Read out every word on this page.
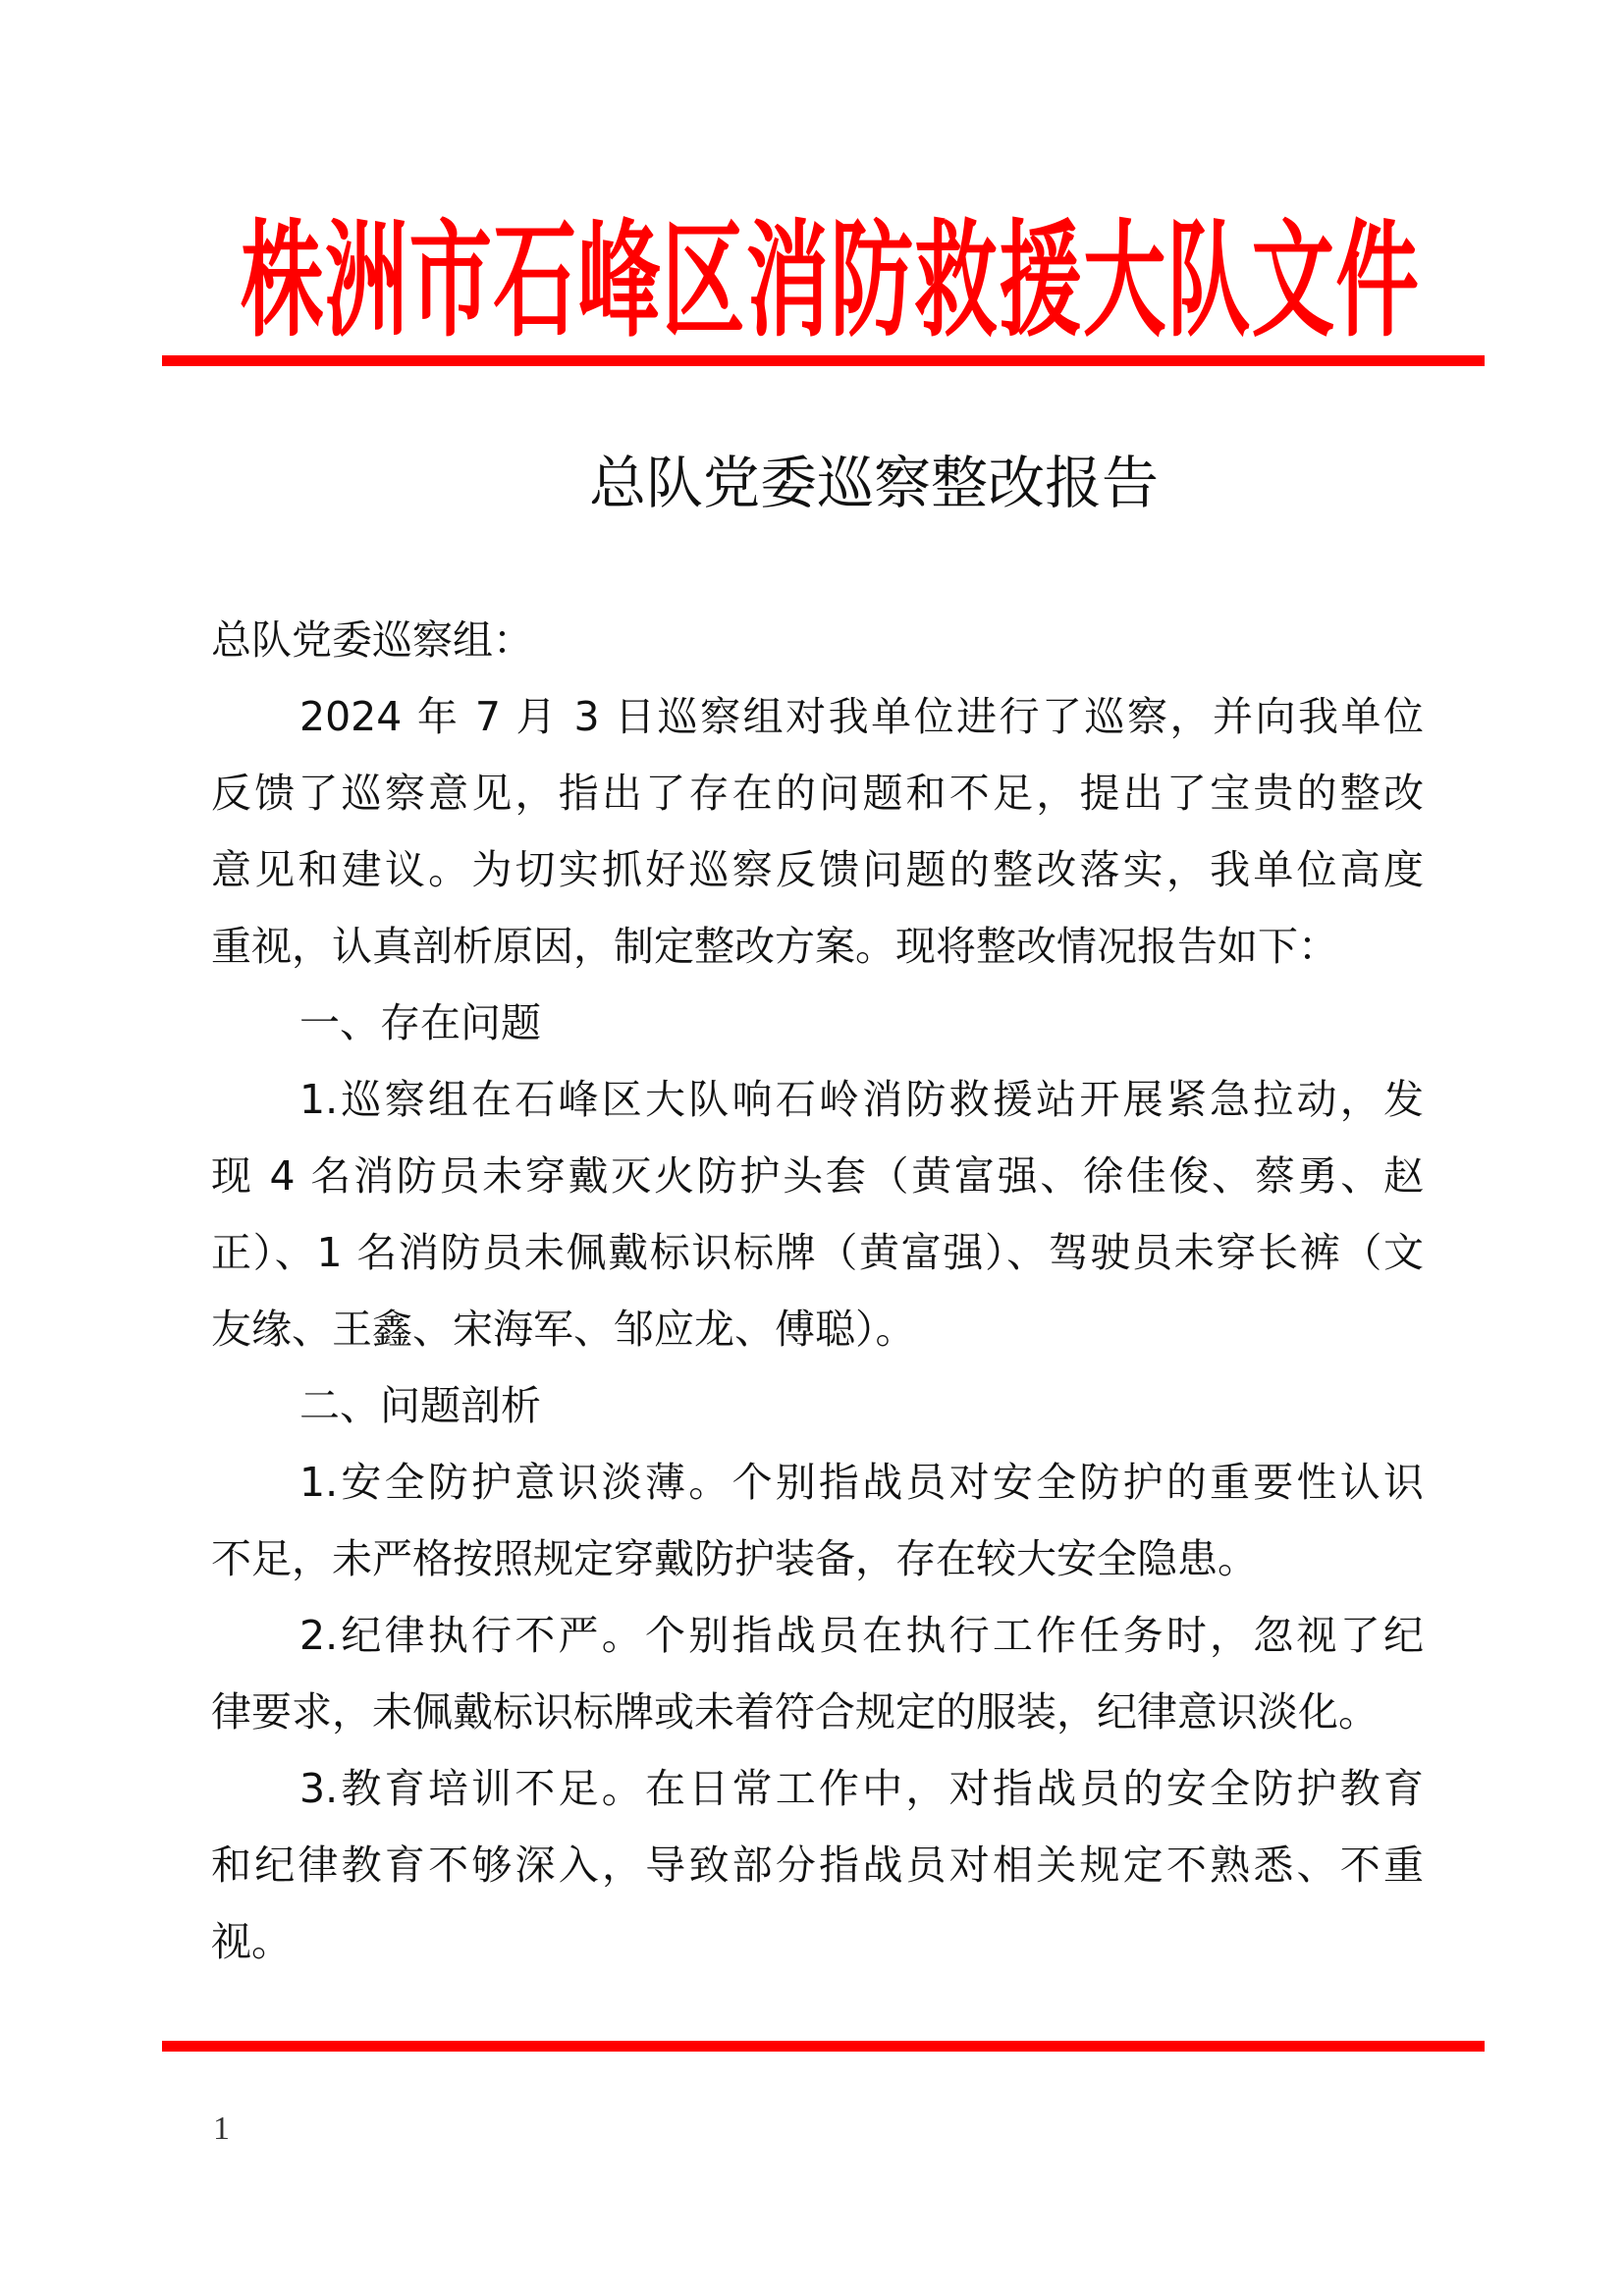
株洲市石峰区消防救援大队文件
总队党委巡察整改报告
总队党委巡察组：
2024 年 7 月 3 日巡察组对我单位进行了巡察，并向我单位
反馈了巡察意见，指出了存在的问题和不足，提出了宝贵的整改
意见和建议。为切实抓好巡察反馈问题的整改落实，我单位高度
重视，认真剖析原因，制定整改方案。现将整改情况报告如下：
一、存在问题
1.巡察组在石峰区大队响石岭消防救援站开展紧急拉动，发
现 4 名消防员未穿戴灭火防护头套（黄富强、徐佳俊、蔡勇、赵
正）、1 名消防员未佩戴标识标牌（黄富强）、驾驶员未穿长裤（文
友缘、王鑫、宋海军、邹应龙、傅聪）。
二、问题剖析
1.安全防护意识淡薄。个别指战员对安全防护的重要性认识
不足，未严格按照规定穿戴防护装备，存在较大安全隐患。
2.纪律执行不严。个别指战员在执行工作任务时，忽视了纪
律要求，未佩戴标识标牌或未着符合规定的服装，纪律意识淡化。
3.教育培训不足。在日常工作中，对指战员的安全防护教育
和纪律教育不够深入，导致部分指战员对相关规定不熟悉、不重
视。
1
